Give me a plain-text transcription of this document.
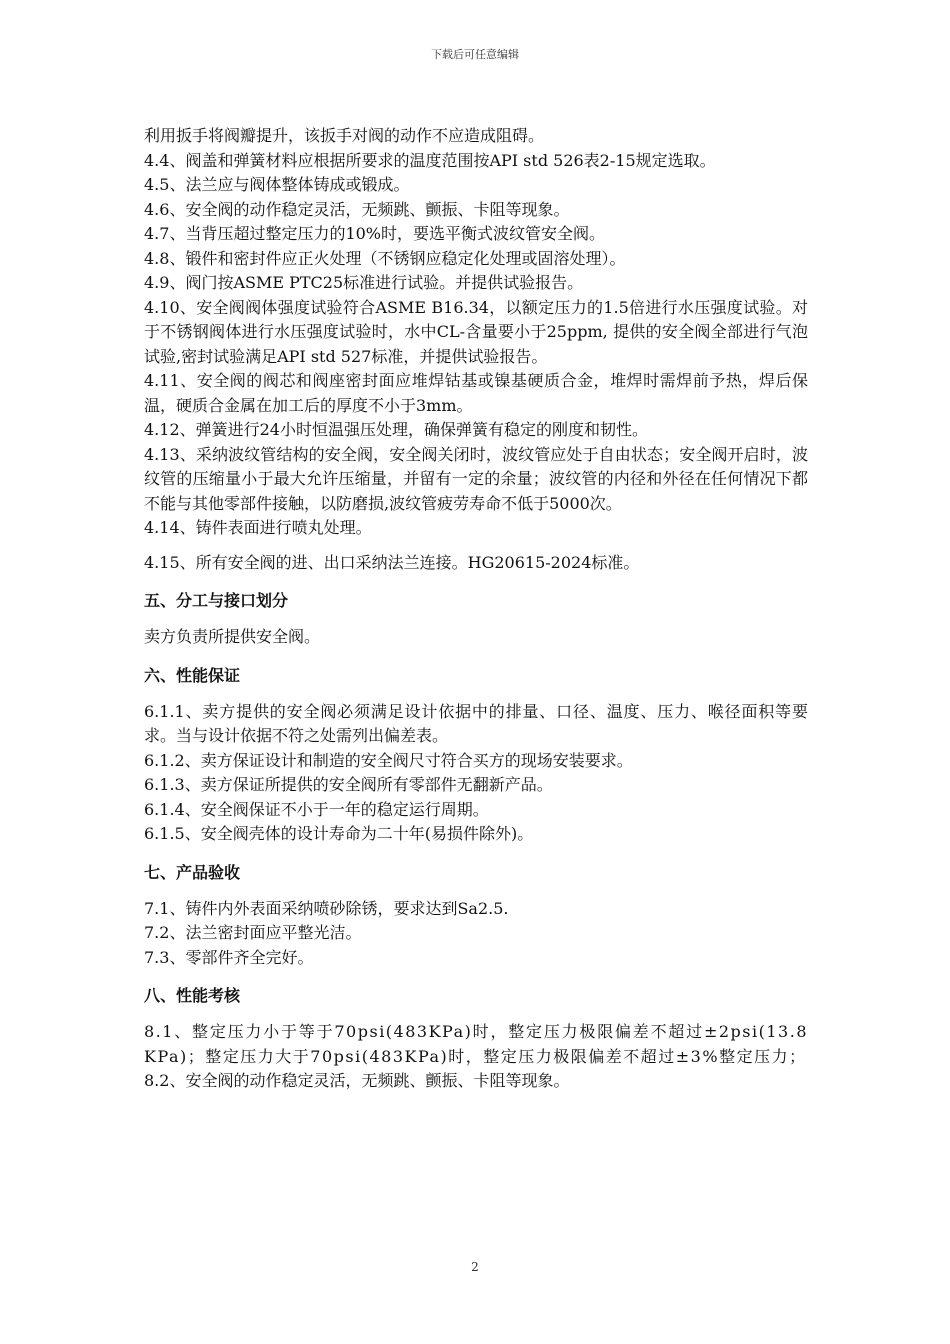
下载后可任意编辑

利用扳手将阀瓣提升，该扳手对阀的动作不应造成阻碍。

4.4、阀盖和弹簧材料应根据所要求的温度范围按API std 526表2-15规定选取。

4.5、法兰应与阀体整体铸成或锻成。

4.6、安全阀的动作稳定灵活，无频跳、颤振、卡阻等现象。

4.7、当背压超过整定压力的10%时，要选平衡式波纹管安全阀。

4.8、锻件和密封件应正火处理（不锈钢应稳定化处理或固溶处理）。

4.9、阀门按ASME PTC25标准进行试验。并提供试验报告。

4.10、安全阀阀体强度试验符合ASME B16.34，以额定压力的1.5倍进行水压强度试验。对于不锈钢阀体进行水压强度试验时，水中CL-含量要小于25ppm, 提供的安全阀全部进行气泡试验,密封试验满足API std 527标准，并提供试验报告。

4.11、安全阀的阀芯和阀座密封面应堆焊钴基或镍基硬质合金，堆焊时需焊前予热，焊后保温，硬质合金属在加工后的厚度不小于3mm。

4.12、弹簧进行24小时恒温强压处理，确保弹簧有稳定的刚度和韧性。

4.13、采纳波纹管结构的安全阀，安全阀关闭时，波纹管应处于自由状态；安全阀开启时，波纹管的压缩量小于最大允许压缩量，并留有一定的余量；波纹管的内径和外径在任何情况下都不能与其他零部件接触，以防磨损,波纹管疲劳寿命不低于5000次。

4.14、铸件表面进行喷丸处理。

4.15、所有安全阀的进、出口采纳法兰连接。HG20615-2024标准。

五、分工与接口划分

卖方负责所提供安全阀。

六、性能保证

6.1.1、卖方提供的安全阀必须满足设计依据中的排量、口径、温度、压力、喉径面积等要求。当与设计依据不符之处需列出偏差表。

6.1.2、卖方保证设计和制造的安全阀尺寸符合买方的现场安装要求。

6.1.3、卖方保证所提供的安全阀所有零部件无翻新产品。

6.1.4、安全阀保证不小于一年的稳定运行周期。

6.1.5、安全阀壳体的设计寿命为二十年(易损件除外)。

七、产品验收

7.1、铸件内外表面采纳喷砂除锈，要求达到Sa2.5.

7.2、法兰密封面应平整光洁。

7.3、零部件齐全完好。

八、性能考核

8.1、整定压力小于等于70psi(483KPa)时，整定压力极限偏差不超过±2psi(13.8KPa)；整定压力大于70psi(483KPa)时，整定压力极限偏差不超过±3%整定压力；

8.2、安全阀的动作稳定灵活，无频跳、颤振、卡阻等现象。

2
